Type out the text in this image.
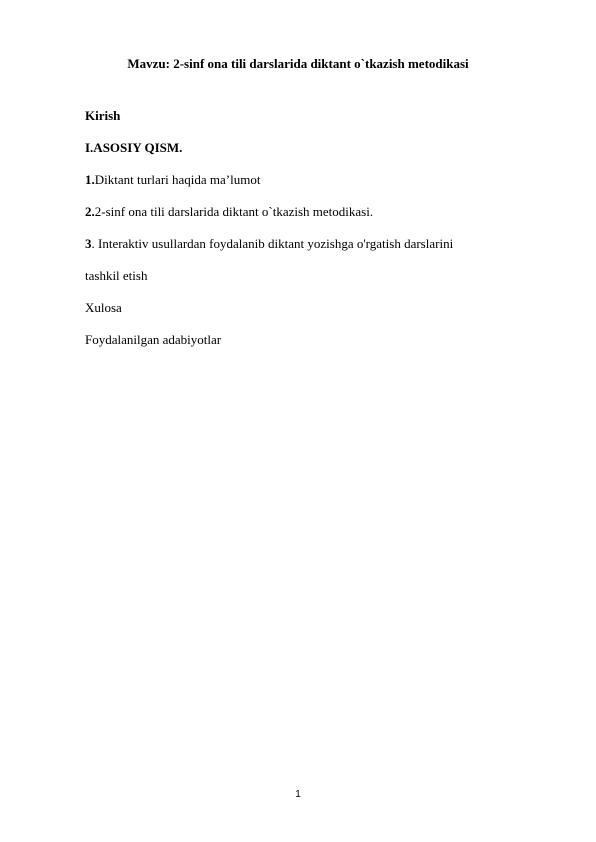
Mavzu: 2-sinf ona tili darslarida diktant o`tkazish metodikasi
Kirish
I.ASOSIY QISM.
1.Diktant turlari haqida ma’lumot
2.2-sinf ona tili darslarida diktant o`tkazish metodikasi.
3. Interaktiv usullardan foydalanib diktant yozishga o'rgatish darslarini
tashkil etish
Xulosa
Foydalanilgan adabiyotlar
1
